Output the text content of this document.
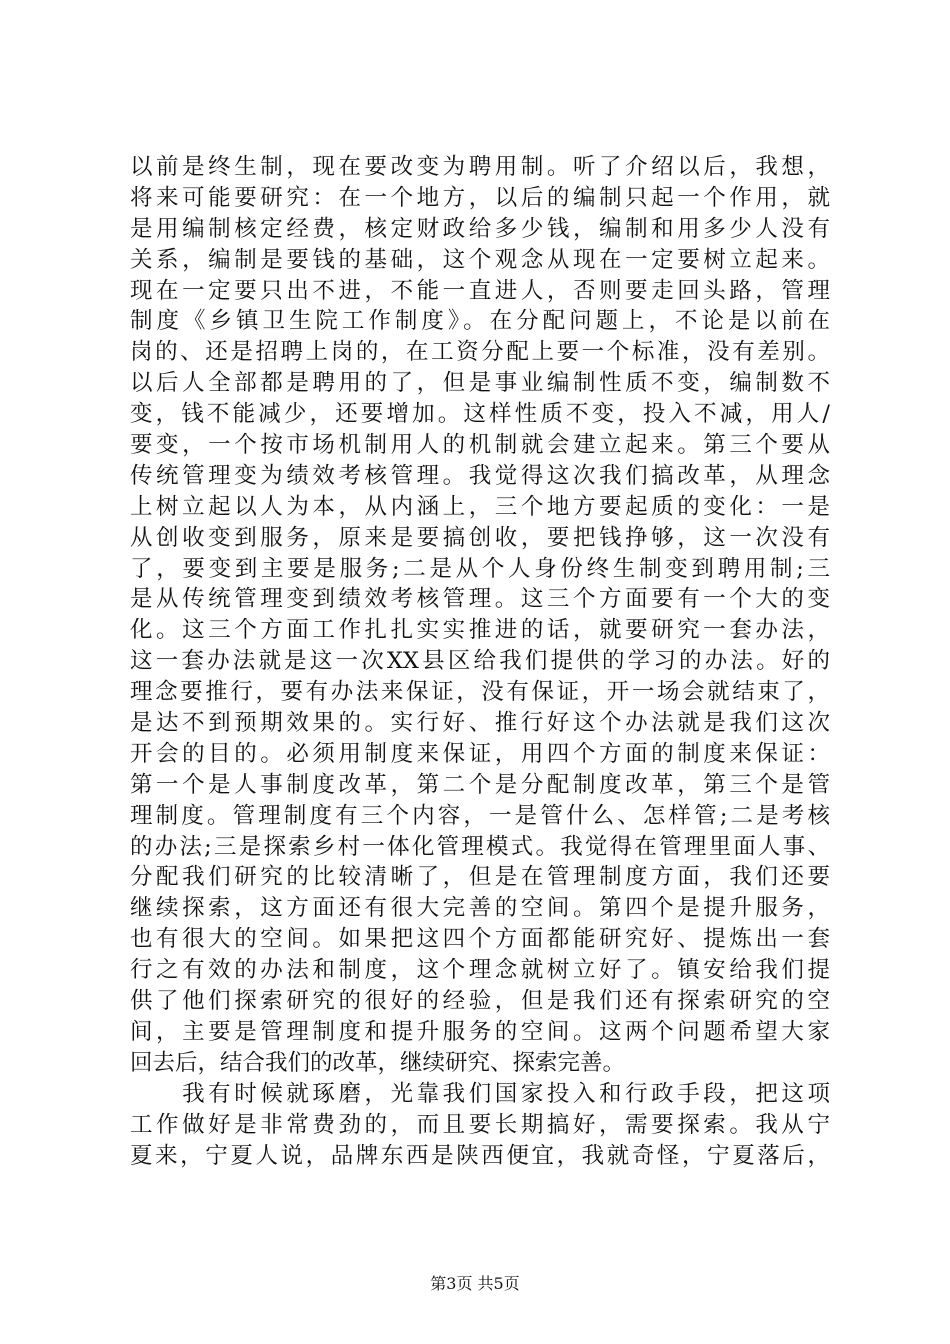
以前是终生制，现在要改变为聘用制。听了介绍以后，我想，
将来可能要研究：在一个地方，以后的编制只起一个作用，就
是用编制核定经费，核定财政给多少钱，编制和用多少人没有
关系，编制是要钱的基础，这个观念从现在一定要树立起来。
现在一定要只出不进，不能一直进人，否则要走回头路，管理
制度《乡镇卫生院工作制度》。在分配问题上，不论是以前在
岗的、还是招聘上岗的，在工资分配上要一个标准，没有差别。
以后人全部都是聘用的了，但是事业编制性质不变，编制数不
变，钱不能减少，还要增加。这样性质不变，投入不减，用人/
要变，一个按市场机制用人的机制就会建立起来。第三个要从
传统管理变为绩效考核管理。我觉得这次我们搞改革，从理念
上树立起以人为本，从内涵上，三个地方要起质的变化：一是
从创收变到服务，原来是要搞创收，要把钱挣够，这一次没有
了，要变到主要是服务;二是从个人身份终生制变到聘用制;三
是从传统管理变到绩效考核管理。这三个方面要有一个大的变
化。这三个方面工作扎扎实实推进的话，就要研究一套办法，
这一套办法就是这一次XX县区给我们提供的学习的办法。好的
理念要推行，要有办法来保证，没有保证，开一场会就结束了，
是达不到预期效果的。实行好、推行好这个办法就是我们这次
开会的目的。必须用制度来保证，用四个方面的制度来保证：
第一个是人事制度改革，第二个是分配制度改革，第三个是管
理制度。管理制度有三个内容，一是管什么、怎样管;二是考核
的办法;三是探索乡村一体化管理模式。我觉得在管理里面人事、
分配我们研究的比较清晰了，但是在管理制度方面，我们还要
继续探索，这方面还有很大完善的空间。第四个是提升服务，
也有很大的空间。如果把这四个方面都能研究好、提炼出一套
行之有效的办法和制度，这个理念就树立好了。镇安给我们提
供了他们探索研究的很好的经验，但是我们还有探索研究的空
间，主要是管理制度和提升服务的空间。这两个问题希望大家
回去后，结合我们的改革，继续研究、探索完善。
　　我有时候就琢磨，光靠我们国家投入和行政手段，把这项
工作做好是非常费劲的，而且要长期搞好，需要探索。我从宁
夏来，宁夏人说，品牌东西是陕西便宜，我就奇怪，宁夏落后，
第3页 共5页
